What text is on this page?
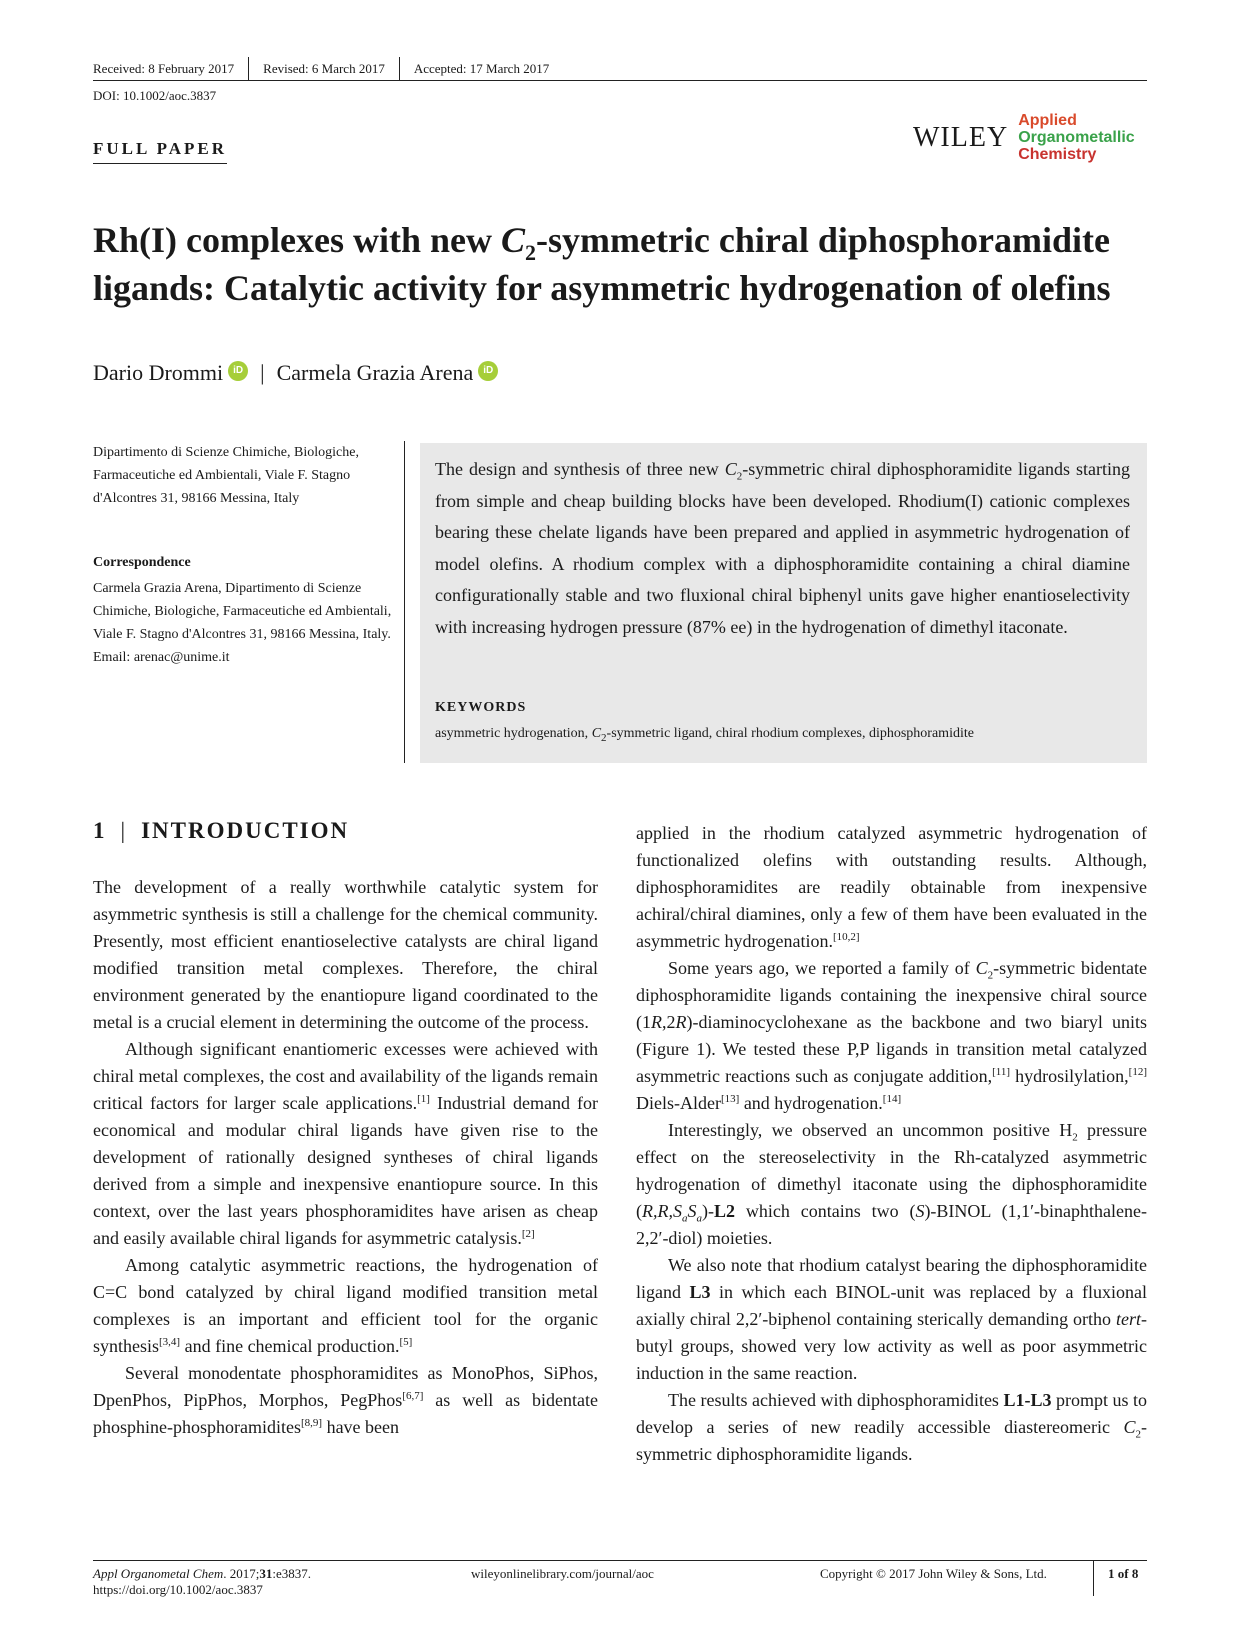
Received: 8 February 2017 Revised: 6 March 2017 Accepted: 17 March 2017
DOI: 10.1002/aoc.3837
FULL PAPER	WILEY
Applied
Organometallic
Chemistry
Rh(I) complexes with new $C_2$-symmetric chiral diphosphoramidite ligands: Catalytic activity for asymmetric hydrogenation of olefins
Dario Drommi	iD | Carmela Grazia Arena	iD
Dipartimento di Scienze Chimiche, Biologiche, Farmaceutiche ed Ambientali, Viale F. Stagno d'Alcontres 31, 98166 Messina, Italy
Correspondence
Carmela Grazia Arena, Dipartimento di Scienze Chimiche, Biologiche, Farmaceutiche ed Ambientali, Viale F. Stagno d'Alcontres 31, 98166 Messina, Italy.
Email: arenac@unime.it
The design and synthesis of three new $C_2$-symmetric chiral diphosphoramidite ligands starting from simple and cheap building blocks have been developed. Rhodium(I) cationic complexes bearing these chelate ligands have been prepared and applied in asymmetric hydrogenation of model olefins. A rhodium complex with a diphosphoramidite containing a chiral diamine configurationally stable and two fluxional chiral biphenyl units gave higher enantioselectivity with increasing hydrogen pressure (87% ee) in the hydrogenation of dimethyl itaconate.
KEYWORDS
asymmetric hydrogenation, $C_2$-symmetric ligand, chiral rhodium complexes, diphosphoramidite
1 | INTRODUCTION

The development of a really worthwhile catalytic system for asymmetric synthesis is still a challenge for the chemical community. Presently, most efficient enantioselective catalysts are chiral ligand modified transition metal complexes. Therefore, the chiral environment generated by the enantiopure ligand coordinated to the metal is a crucial element in determining the outcome of the process.

Although significant enantiomeric excesses were achieved with chiral metal complexes, the cost and availability of the ligands remain critical factors for larger scale applications.[1] Industrial demand for economical and modular chiral ligands have given rise to the development of rationally designed syntheses of chiral ligands derived from a simple and inexpensive enantiopure source. In this context, over the last years phosphoramidites have arisen as cheap and easily available chiral ligands for asymmetric catalysis.[2]

Among catalytic asymmetric reactions, the hydrogenation of C=C bond catalyzed by chiral ligand modified transition metal complexes is an important and efficient tool for the organic synthesis[3,4] and fine chemical production.[5]

Several monodentate phosphoramidites as MonoPhos, SiPhos, DpenPhos, PipPhos, Morphos, PegPhos[6,7] as well as bidentate phosphine-phosphoramidites[8,9] have been

applied in the rhodium catalyzed asymmetric hydrogenation of functionalized olefins with outstanding results. Although, diphosphoramidites are readily obtainable from inexpensive achiral/chiral diamines, only a few of them have been evaluated in the asymmetric hydrogenation.[10,2]

Some years ago, we reported a family of $C_2$-symmetric bidentate diphosphoramidite ligands containing the inexpensive chiral source (1R,2R)-diaminocyclohexane as the backbone and two biaryl units (Figure 1). We tested these P,P ligands in transition metal catalyzed asymmetric reactions such as conjugate addition,[11] hydrosilylation,[12] Diels-Alder[13] and hydrogenation.[14]

Interestingly, we observed an uncommon positive $H_2$ pressure effect on the stereoselectivity in the Rh-catalyzed asymmetric hydrogenation of dimethyl itaconate using the diphosphoramidite $(R,R,S_aS_a)-L2$ which contains two (S)-BINOL (1,1′-binaphthalene-2,2′-diol) moieties.

We also note that rhodium catalyst bearing the diphosphoramidite ligand L3 in which each BINOL-unit was replaced by a fluxional axially chiral 2,2′-biphenol containing sterically demanding ortho tert-butyl groups, showed very low activity as well as poor asymmetric induction in the same reaction.

The results achieved with diphosphoramidites L1-L3 prompt us to develop a series of new readily accessible diastereomeric $C_2$-symmetric diphosphoramidite ligands.

Appl Organometal Chem. 2017;31:e3837.
https://doi.org/10.1002/aoc.3837
wileyonlinelibrary.com/journal/aoc	Copyright © 2017 John Wiley & Sons, Ltd.	1 of 8
